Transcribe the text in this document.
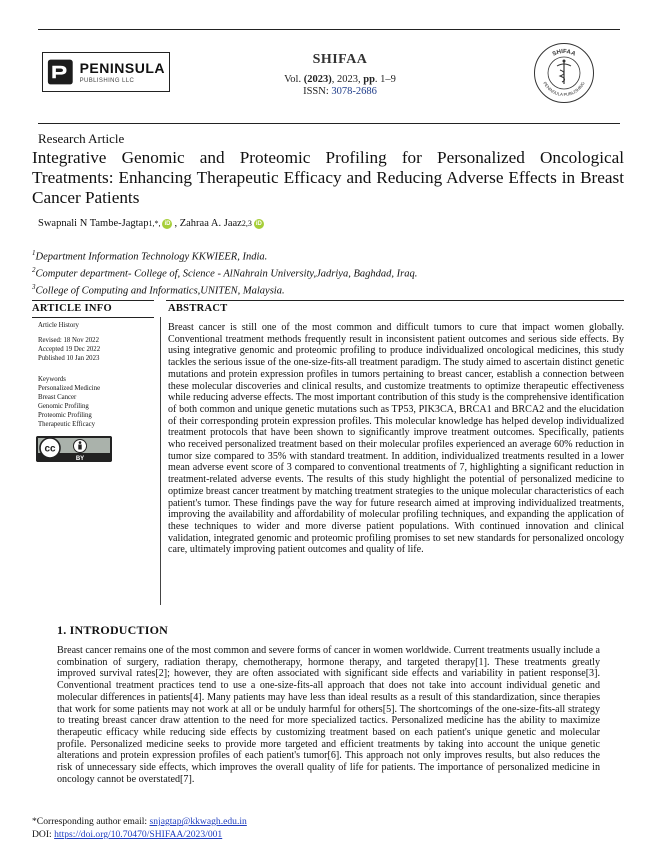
PENINSULA
PUBLISHING LLC
SHIFAA
Vol. (2023), 2023, pp. 1–9
ISSN: 3078-2686
SHIFAA
PENINSULA PUBLISHING
Research Article
Integrative Genomic and Proteomic Profiling for Personalized Oncological Treatments: Enhancing Therapeutic Efficacy and Reducing Adverse Effects in Breast Cancer Patients
Swapnali N Tambe-Jagtap 1,*, iD , Zahraa A. Jaaz 2,3 iD
$^1$Department Information Technology KKWIEER, India.
$^2$Computer department- College of, Science - AlNahrain University,Jadriya, Baghdad, Iraq.
$^3$College of Computing and Informatics,UNITEN, Malaysia.
ARTICLE INFO	ABSTRACT
Article History
Revised: 18 Nov 2022
Accepted 19 Dec 2022
Published 10 Jan 2023
Keywords
Personalized Medicine
Breast Cancer
Genomic Profiling
Proteomic Profiling
Therapeutic Efficacy
cc
BY
Breast cancer is still one of the most common and difficult tumors to cure that impact women globally. Conventional treatment methods frequently result in inconsistent patient outcomes and serious side effects. By using integrative genomic and proteomic profiling to produce individualized oncological medicines, this study tackles the serious issue of the one-size-fits-all treatment paradigm. The study aimed to ascertain distinct genetic mutations and protein expression profiles in tumors pertaining to breast cancer, establish a connection between these molecular discoveries and clinical results, and customize treatments to optimize therapeutic effectiveness while reducing adverse effects. The most important contribution of this study is the comprehensive identification of both common and unique genetic mutations such as TP53, PIK3CA, BRCA1 and BRCA2 and the elucidation of their corresponding protein expression profiles. This molecular knowledge has helped develop individualized treatment protocols that have been shown to significantly improve treatment outcomes. Specifically, patients who received personalized treatment based on their molecular profiles experienced an average 60% reduction in tumor size compared to 35% with standard treatment. In addition, individualized treatments resulted in a lower mean adverse event score of 3 compared to conventional treatments of 7, highlighting a significant reduction in treatment-related adverse events. The results of this study highlight the potential of personalized medicine to optimize breast cancer treatment by matching treatment strategies to the unique molecular characteristics of each patient's tumor. These findings pave the way for future research aimed at improving individualized treatments, improving the availability and affordability of molecular profiling techniques, and expanding the application of these techniques to wider and more diverse patient populations. With continued innovation and clinical validation, integrated genomic and proteomic profiling promises to set new standards for personalized oncology care, ultimately improving patient outcomes and quality of life.
1. INTRODUCTION
Breast cancer remains one of the most common and severe forms of cancer in women worldwide. Current treatments usually include a combination of surgery, radiation therapy, chemotherapy, hormone therapy, and targeted therapy[1]. These treatments greatly improved survival rates[2]; however, they are often associated with significant side effects and variability in patient response[3]. Conventional treatment practices tend to use a one-size-fits-all approach that does not take into account individual genetic and molecular differences in patients[4]. Many patients may have less than ideal results as a result of this standardization, since therapies that work for some patients may not work at all or be unduly harmful for others[5]. The shortcomings of the one-size-fits-all strategy to treating breast cancer draw attention to the need for more specialized tactics. Personalized medicine has the ability to maximize therapeutic efficacy while reducing side effects by customizing treatment based on each patient's unique genetic and molecular profile. Personalized medicine seeks to provide more targeted and efficient treatments by taking into account the unique genetic alterations and protein expression profiles of each patient's tumor[6]. This approach not only improves results, but also reduces the risk of unnecessary side effects, which improves the overall quality of life for patients. The importance of personalized medicine in oncology cannot be overstated[7].
*Corresponding author email: snjagtap@kkwagh.edu.in
DOI: https://doi.org/10.70470/SHIFAA/2023/001
